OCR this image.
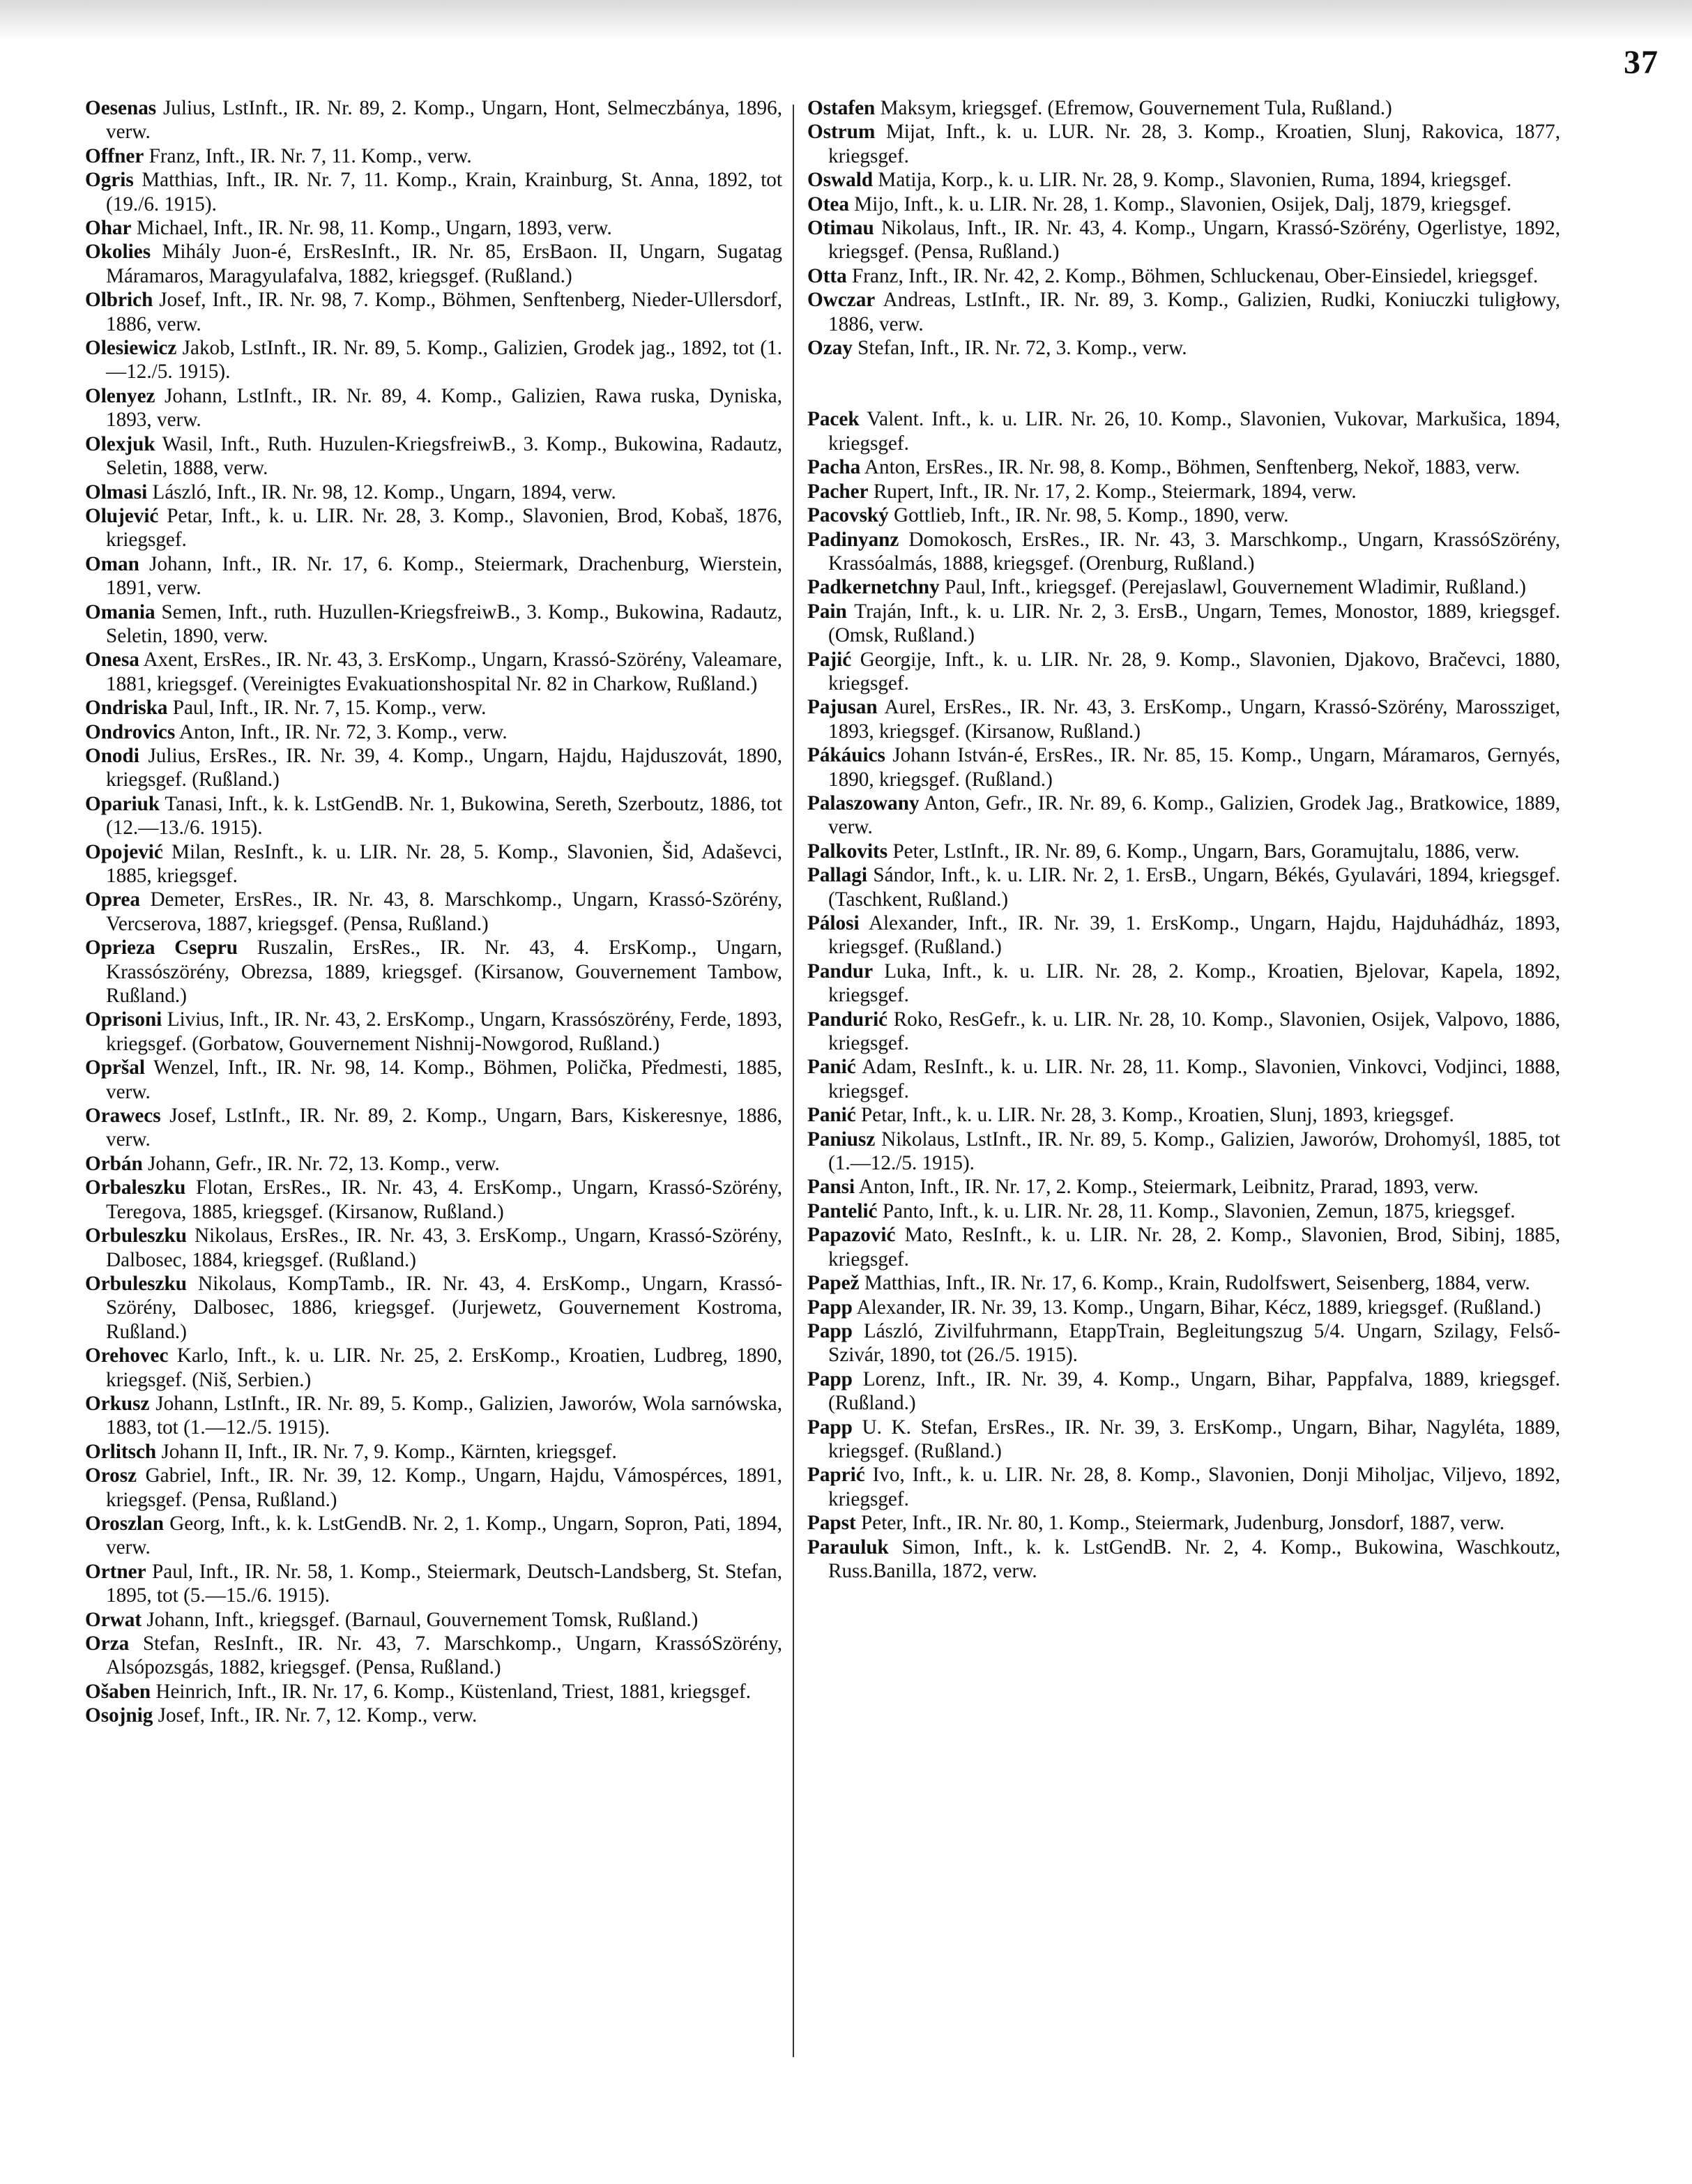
37

Oesenas Julius, LstInft., IR. Nr. 89, 2. Komp., Ungarn, Hont, Selmeczbánya, 1896, verw.

Offner Franz, Inft., IR. Nr. 7, 11. Komp., verw.

Ogris Matthias, Inft., IR. Nr. 7, 11. Komp., Krain, Krainburg, St. Anna, 1892, tot (19./6. 1915).

Ohar Michael, Inft., IR. Nr. 98, 11. Komp., Ungarn, 1893, verw.

Okolies Mihály Juon-é, ErsResInft., IR. Nr. 85, ErsBaon. II, Ungarn, Sugatag Máramaros, Maragyulafalva, 1882, kriegsgef. (Rußland.)

Olbrich Josef, Inft., IR. Nr. 98, 7. Komp., Böhmen, Senftenberg, Nieder-Ullersdorf, 1886, verw.

Olesiewicz Jakob, LstInft., IR. Nr. 89, 5. Komp., Galizien, Grodek jag., 1892, tot (1.—12./5. 1915).

Olenyez Johann, LstInft., IR. Nr. 89, 4. Komp., Galizien, Rawa ruska, Dyniska, 1893, verw.

Olexjuk Wasil, Inft., Ruth. Huzulen-KriegsfreiwB., 3. Komp., Bukowina, Radautz, Seletin, 1888, verw.

Olmasi László, Inft., IR. Nr. 98, 12. Komp., Ungarn, 1894, verw.

Olujević Petar, Inft., k. u. LIR. Nr. 28, 3. Komp., Slavonien, Brod, Kobaš, 1876, kriegsgef.

Oman Johann, Inft., IR. Nr. 17, 6. Komp., Steiermark, Drachenburg, Wierstein, 1891, verw.

Omania Semen, Inft., ruth. Huzullen-KriegsfreiwB., 3. Komp., Bukowina, Radautz, Seletin, 1890, verw.

Onesa Axent, ErsRes., IR. Nr. 43, 3. ErsKomp., Ungarn, Krassó-Szörény, Valeamare, 1881, kriegsgef. (Vereinigtes Evakuationshospital Nr. 82 in Charkow, Rußland.)

Ondriska Paul, Inft., IR. Nr. 7, 15. Komp., verw.

Ondrovics Anton, Inft., IR. Nr. 72, 3. Komp., verw.

Onodi Julius, ErsRes., IR. Nr. 39, 4. Komp., Ungarn, Hajdu, Hajduszovát, 1890, kriegsgef. (Rußland.)

Opariuk Tanasi, Inft., k. k. LstGendB. Nr. 1, Bukowina, Sereth, Szerboutz, 1886, tot (12.—13./6. 1915).

Opojević Milan, ResInft., k. u. LIR. Nr. 28, 5. Komp., Slavonien, Šid, Adaševci, 1885, kriegsgef.

Oprea Demeter, ErsRes., IR. Nr. 43, 8. Marschkomp., Ungarn, Krassó-Szörény, Vercserova, 1887, kriegsgef. (Pensa, Rußland.)

Oprieza Csepru Ruszalin, ErsRes., IR. Nr. 43, 4. ErsKomp., Ungarn, Krassószörény, Obrezsa, 1889, kriegsgef. (Kirsanow, Gouvernement Tambow, Rußland.)

Oprisoni Livius, Inft., IR. Nr. 43, 2. ErsKomp., Ungarn, Krassószörény, Ferde, 1893, kriegsgef. (Gorbatow, Gouvernement Nishnij-Nowgorod, Rußland.)

Opršal Wenzel, Inft., IR. Nr. 98, 14. Komp., Böhmen, Polička, Předmesti, 1885, verw.

Orawecs Josef, LstInft., IR. Nr. 89, 2. Komp., Ungarn, Bars, Kiskeresnye, 1886, verw.

Orbán Johann, Gefr., IR. Nr. 72, 13. Komp., verw.

Orbaleszku Flotan, ErsRes., IR. Nr. 43, 4. ErsKomp., Ungarn, Krassó-Szörény, Teregova, 1885, kriegsgef. (Kirsanow, Rußland.)

Orbuleszku Nikolaus, ErsRes., IR. Nr. 43, 3. ErsKomp., Ungarn, Krassó-Szörény, Dalbosec, 1884, kriegsgef. (Rußland.)

Orbuleszku Nikolaus, KompTamb., IR. Nr. 43, 4. ErsKomp., Ungarn, Krassó-Szörény, Dalbosec, 1886, kriegsgef. (Jurjewetz, Gouvernement Kostroma, Rußland.)

Orehovec Karlo, Inft., k. u. LIR. Nr. 25, 2. ErsKomp., Kroatien, Ludbreg, 1890, kriegsgef. (Niš, Serbien.)

Orkusz Johann, LstInft., IR. Nr. 89, 5. Komp., Galizien, Jaworów, Wola sarnówska, 1883, tot (1.—12./5. 1915).

Orlitsch Johann II, Inft., IR. Nr. 7, 9. Komp., Kärnten, kriegsgef.

Orosz Gabriel, Inft., IR. Nr. 39, 12. Komp., Ungarn, Hajdu, Vámospérces, 1891, kriegsgef. (Pensa, Rußland.)

Oroszlan Georg, Inft., k. k. LstGendB. Nr. 2, 1. Komp., Ungarn, Sopron, Pati, 1894, verw.

Ortner Paul, Inft., IR. Nr. 58, 1. Komp., Steiermark, Deutsch-Landsberg, St. Stefan, 1895, tot (5.—15./6. 1915).

Orwat Johann, Inft., kriegsgef. (Barnaul, Gouvernement Tomsk, Rußland.)

Orza Stefan, ResInft., IR. Nr. 43, 7. Marschkomp., Ungarn, KrassóSzörény, Alsópozsgás, 1882, kriegsgef. (Pensa, Rußland.)

Ošaben Heinrich, Inft., IR. Nr. 17, 6. Komp., Küstenland, Triest, 1881, kriegsgef.

Osojnig Josef, Inft., IR. Nr. 7, 12. Komp., verw.

Ostafen Maksym, kriegsgef. (Efremow, Gouvernement Tula, Rußland.)

Ostrum Mijat, Inft., k. u. LUR. Nr. 28, 3. Komp., Kroatien, Slunj, Rakovica, 1877, kriegsgef.

Oswald Matija, Korp., k. u. LIR. Nr. 28, 9. Komp., Slavonien, Ruma, 1894, kriegsgef.

Otea Mijo, Inft., k. u. LIR. Nr. 28, 1. Komp., Slavonien, Osijek, Dalj, 1879, kriegsgef.

Otimau Nikolaus, Inft., IR. Nr. 43, 4. Komp., Ungarn, Krassó-Szörény, Ogerlistye, 1892, kriegsgef. (Pensa, Rußland.)

Otta Franz, Inft., IR. Nr. 42, 2. Komp., Böhmen, Schluckenau, Ober-Einsiedel, kriegsgef.

Owczar Andreas, LstInft., IR. Nr. 89, 3. Komp., Galizien, Rudki, Koniuczki tuligłowy, 1886, verw.

Ozay Stefan, Inft., IR. Nr. 72, 3. Komp., verw.

Pacek Valent. Inft., k. u. LIR. Nr. 26, 10. Komp., Slavonien, Vukovar, Markušica, 1894, kriegsgef.

Pacha Anton, ErsRes., IR. Nr. 98, 8. Komp., Böhmen, Senftenberg, Nekoř, 1883, verw.

Pacher Rupert, Inft., IR. Nr. 17, 2. Komp., Steiermark, 1894, verw.

Pacovský Gottlieb, Inft., IR. Nr. 98, 5. Komp., 1890, verw.

Padinyanz Domokosch, ErsRes., IR. Nr. 43, 3. Marschkomp., Ungarn, KrassóSzörény, Krassóalmás, 1888, kriegsgef. (Orenburg, Rußland.)

Padkernetchny Paul, Inft., kriegsgef. (Perejaslawl, Gouvernement Wladimir, Rußland.)

Pain Traján, Inft., k. u. LIR. Nr. 2, 3. ErsB., Ungarn, Temes, Monostor, 1889, kriegsgef. (Omsk, Rußland.)

Pajić Georgije, Inft., k. u. LIR. Nr. 28, 9. Komp., Slavonien, Djakovo, Bračevci, 1880, kriegsgef.

Pajusan Aurel, ErsRes., IR. Nr. 43, 3. ErsKomp., Ungarn, Krassó-Szörény, Marossziget, 1893, kriegsgef. (Kirsanow, Rußland.)

Pákáuics Johann István-é, ErsRes., IR. Nr. 85, 15. Komp., Ungarn, Máramaros, Gernyés, 1890, kriegsgef. (Rußland.)

Palaszowany Anton, Gefr., IR. Nr. 89, 6. Komp., Galizien, Grodek Jag., Bratkowice, 1889, verw.

Palkovits Peter, LstInft., IR. Nr. 89, 6. Komp., Ungarn, Bars, Goramujtalu, 1886, verw.

Pallagi Sándor, Inft., k. u. LIR. Nr. 2, 1. ErsB., Ungarn, Békés, Gyulavári, 1894, kriegsgef. (Taschkent, Rußland.)

Pálosi Alexander, Inft., IR. Nr. 39, 1. ErsKomp., Ungarn, Hajdu, Hajduhádház, 1893, kriegsgef. (Rußland.)

Pandur Luka, Inft., k. u. LIR. Nr. 28, 2. Komp., Kroatien, Bjelovar, Kapela, 1892, kriegsgef.

Pandurić Roko, ResGefr., k. u. LIR. Nr. 28, 10. Komp., Slavonien, Osijek, Valpovo, 1886, kriegsgef.

Panić Adam, ResInft., k. u. LIR. Nr. 28, 11. Komp., Slavonien, Vinkovci, Vodjinci, 1888, kriegsgef.

Panić Petar, Inft., k. u. LIR. Nr. 28, 3. Komp., Kroatien, Slunj, 1893, kriegsgef.

Paniusz Nikolaus, LstInft., IR. Nr. 89, 5. Komp., Galizien, Jaworów, Drohomyśl, 1885, tot (1.—12./5. 1915).

Pansi Anton, Inft., IR. Nr. 17, 2. Komp., Steiermark, Leibnitz, Prarad, 1893, verw.

Pantelić Panto, Inft., k. u. LIR. Nr. 28, 11. Komp., Slavonien, Zemun, 1875, kriegsgef.

Papazović Mato, ResInft., k. u. LIR. Nr. 28, 2. Komp., Slavonien, Brod, Sibinj, 1885, kriegsgef.

Papež Matthias, Inft., IR. Nr. 17, 6. Komp., Krain, Rudolfswert, Seisenberg, 1884, verw.

Papp Alexander, IR. Nr. 39, 13. Komp., Ungarn, Bihar, Kécz, 1889, kriegsgef. (Rußland.)

Papp László, Zivilfuhrmann, EtappTrain, Begleitungszug 5/4. Ungarn, Szilagy, Felső-Szivár, 1890, tot (26./5. 1915).

Papp Lorenz, Inft., IR. Nr. 39, 4. Komp., Ungarn, Bihar, Pappfalva, 1889, kriegsgef. (Rußland.)

Papp U. K. Stefan, ErsRes., IR. Nr. 39, 3. ErsKomp., Ungarn, Bihar, Nagyléta, 1889, kriegsgef. (Rußland.)

Paprić Ivo, Inft., k. u. LIR. Nr. 28, 8. Komp., Slavonien, Donji Miholjac, Viljevo, 1892, kriegsgef.

Papst Peter, Inft., IR. Nr. 80, 1. Komp., Steiermark, Judenburg, Jonsdorf, 1887, verw.

Parauluk Simon, Inft., k. k. LstGendB. Nr. 2, 4. Komp., Bukowina, Waschkoutz, Russ.Banilla, 1872, verw.
